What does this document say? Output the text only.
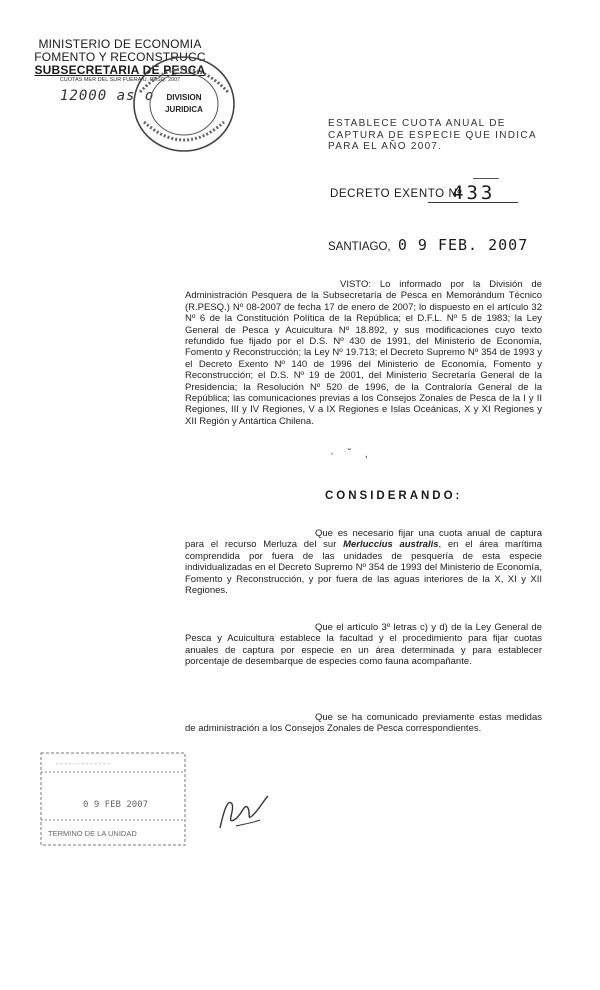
MINISTERIO DE ECONOMIA
FOMENTO Y RECONSTRUCC
SUBSECRETARIA DE PESCA
CUOTAS MER DEL SUR FUERA U. PESQ. 2007
12000 as o DIVISION
JURIDICA
ESTABLECE CUOTA ANUAL DE CAPTURA DE ESPECIE QUE INDICA PARA EL AÑO 2007.
DECRETO EXENTO Nº
433
SANTIAGO, 0 9 FEB. 2007
VISTO: Lo informado por la División de Administración Pesquera de la Subsecretaría de Pesca en Memorándum Técnico (R.PESQ.) Nº 08-2007 de fecha 17 de enero de 2007; lo dispuesto en el artículo 32 Nº 6 de la Constitución Política de la República; el D.F.L. Nº 5 de 1983; la Ley General de Pesca y Acuicultura Nº 18.892, y sus modificaciones cuyo texto refundido fue fijado por el D.S. Nº 430 de 1991, del Ministerio de Economía, Fomento y Reconstrucción; la Ley Nº 19.713; el Decreto Supremo Nº 354 de 1993 y el Decreto Exento Nº 140 de 1996 del Ministerio de Economía, Fomento y Reconstrucción; el D.S. Nº 19 de 2001, del Ministerio Secretaría General de la Presidencia; la Resolución Nº 520 de 1996, de la Contraloría General de la República; las comunicaciones previas a los Consejos Zonales de Pesca de la I y II Regiones, III y IV Regiones, V a IX Regiones e Islas Oceánicas, X y XI Regiones y XII Región y Antártica Chilena.
· ˇ ,
CONSIDERANDO:
Que es necesario fijar una cuota anual de captura para el recurso Merluza del sur Merluccius australis, en el área marítima comprendida por fuera de las unidades de pesquería de esta especie individualizadas en el Decreto Supremo Nº 354 de 1993 del Ministerio de Economía, Fomento y Reconstrucción, y por fuera de las aguas interiores de la X, XI y XII Regiones.
Que el artículo 3º letras c) y d) de la Ley General de Pesca y Acuicultura establece la facultad y el procedimiento para fijar cuotas anuales de captura por especie en un área determinada y para establecer porcentaje de desembarque de especies como fauna acompañante.
Que se ha comunicado previamente estas medidas de administración a los Consejos Zonales de Pesca correspondientes.
- - - - - - - - - - - - -
0 9 FEB 2007
TERMINO DE LA UNIDAD
